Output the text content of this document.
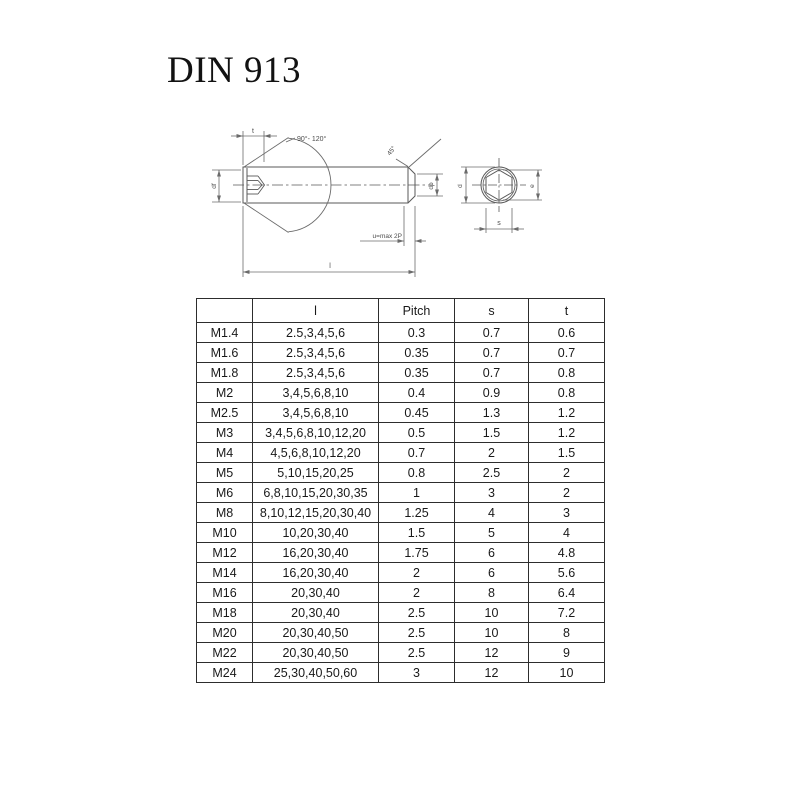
DIN 913
90°- 120°
45°
t
df	dp	d
u=max 2P
l
e
s
	l	Pitch	s	t
M1.4	2.5,3,4,5,6	0.3	0.7	0.6
M1.6	2.5,3,4,5,6	0.35	0.7	0.7
M1.8	2.5,3,4,5,6	0.35	0.7	0.8
M2	3,4,5,6,8,10	0.4	0.9	0.8
M2.5	3,4,5,6,8,10	0.45	1.3	1.2
M3	3,4,5,6,8,10,12,20	0.5	1.5	1.2
M4	4,5,6,8,10,12,20	0.7	2	1.5
M5	5,10,15,20,25	0.8	2.5	2
M6	6,8,10,15,20,30,35	1	3	2
M8	8,10,12,15,20,30,40	1.25	4	3
M10	10,20,30,40	1.5	5	4
M12	16,20,30,40	1.75	6	4.8
M14	16,20,30,40	2	6	5.6
M16	20,30,40	2	8	6.4
M18	20,30,40	2.5	10	7.2
M20	20,30,40,50	2.5	10	8
M22	20,30,40,50	2.5	12	9
M24	25,30,40,50,60	3	12	10
